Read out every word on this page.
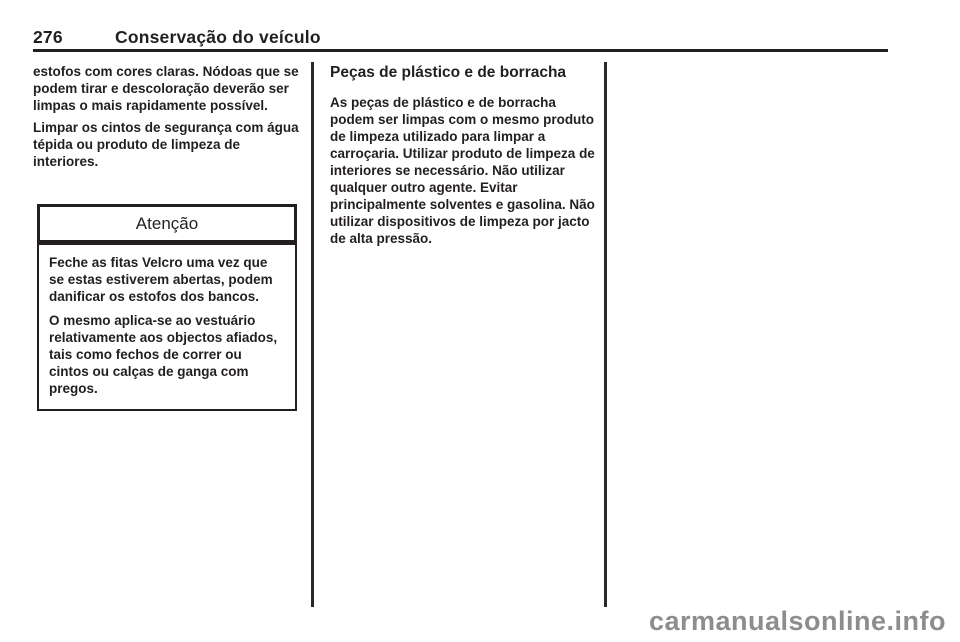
276	Conservação do veículo

estofos com cores claras. Nódoas que se podem tirar e descoloração deverão ser limpas o mais rapidamente possível.

Limpar os cintos de segurança com água tépida ou produto de limpeza de interiores.

Atenção

Feche as fitas Velcro uma vez que se estas estiverem abertas, podem danificar os estofos dos bancos.

O mesmo aplica-se ao vestuário relativamente aos objectos afiados, tais como fechos de correr ou cintos ou calças de ganga com pregos.

Peças de plástico e de borracha

As peças de plástico e de borracha podem ser limpas com o mesmo produto de limpeza utilizado para limpar a carroçaria. Utilizar produto de limpeza de interiores se necessário. Não utilizar qualquer outro agente. Evitar principalmente solventes e gasolina. Não utilizar dispositivos de limpeza por jacto de alta pressão.

carmanualsonline.info
